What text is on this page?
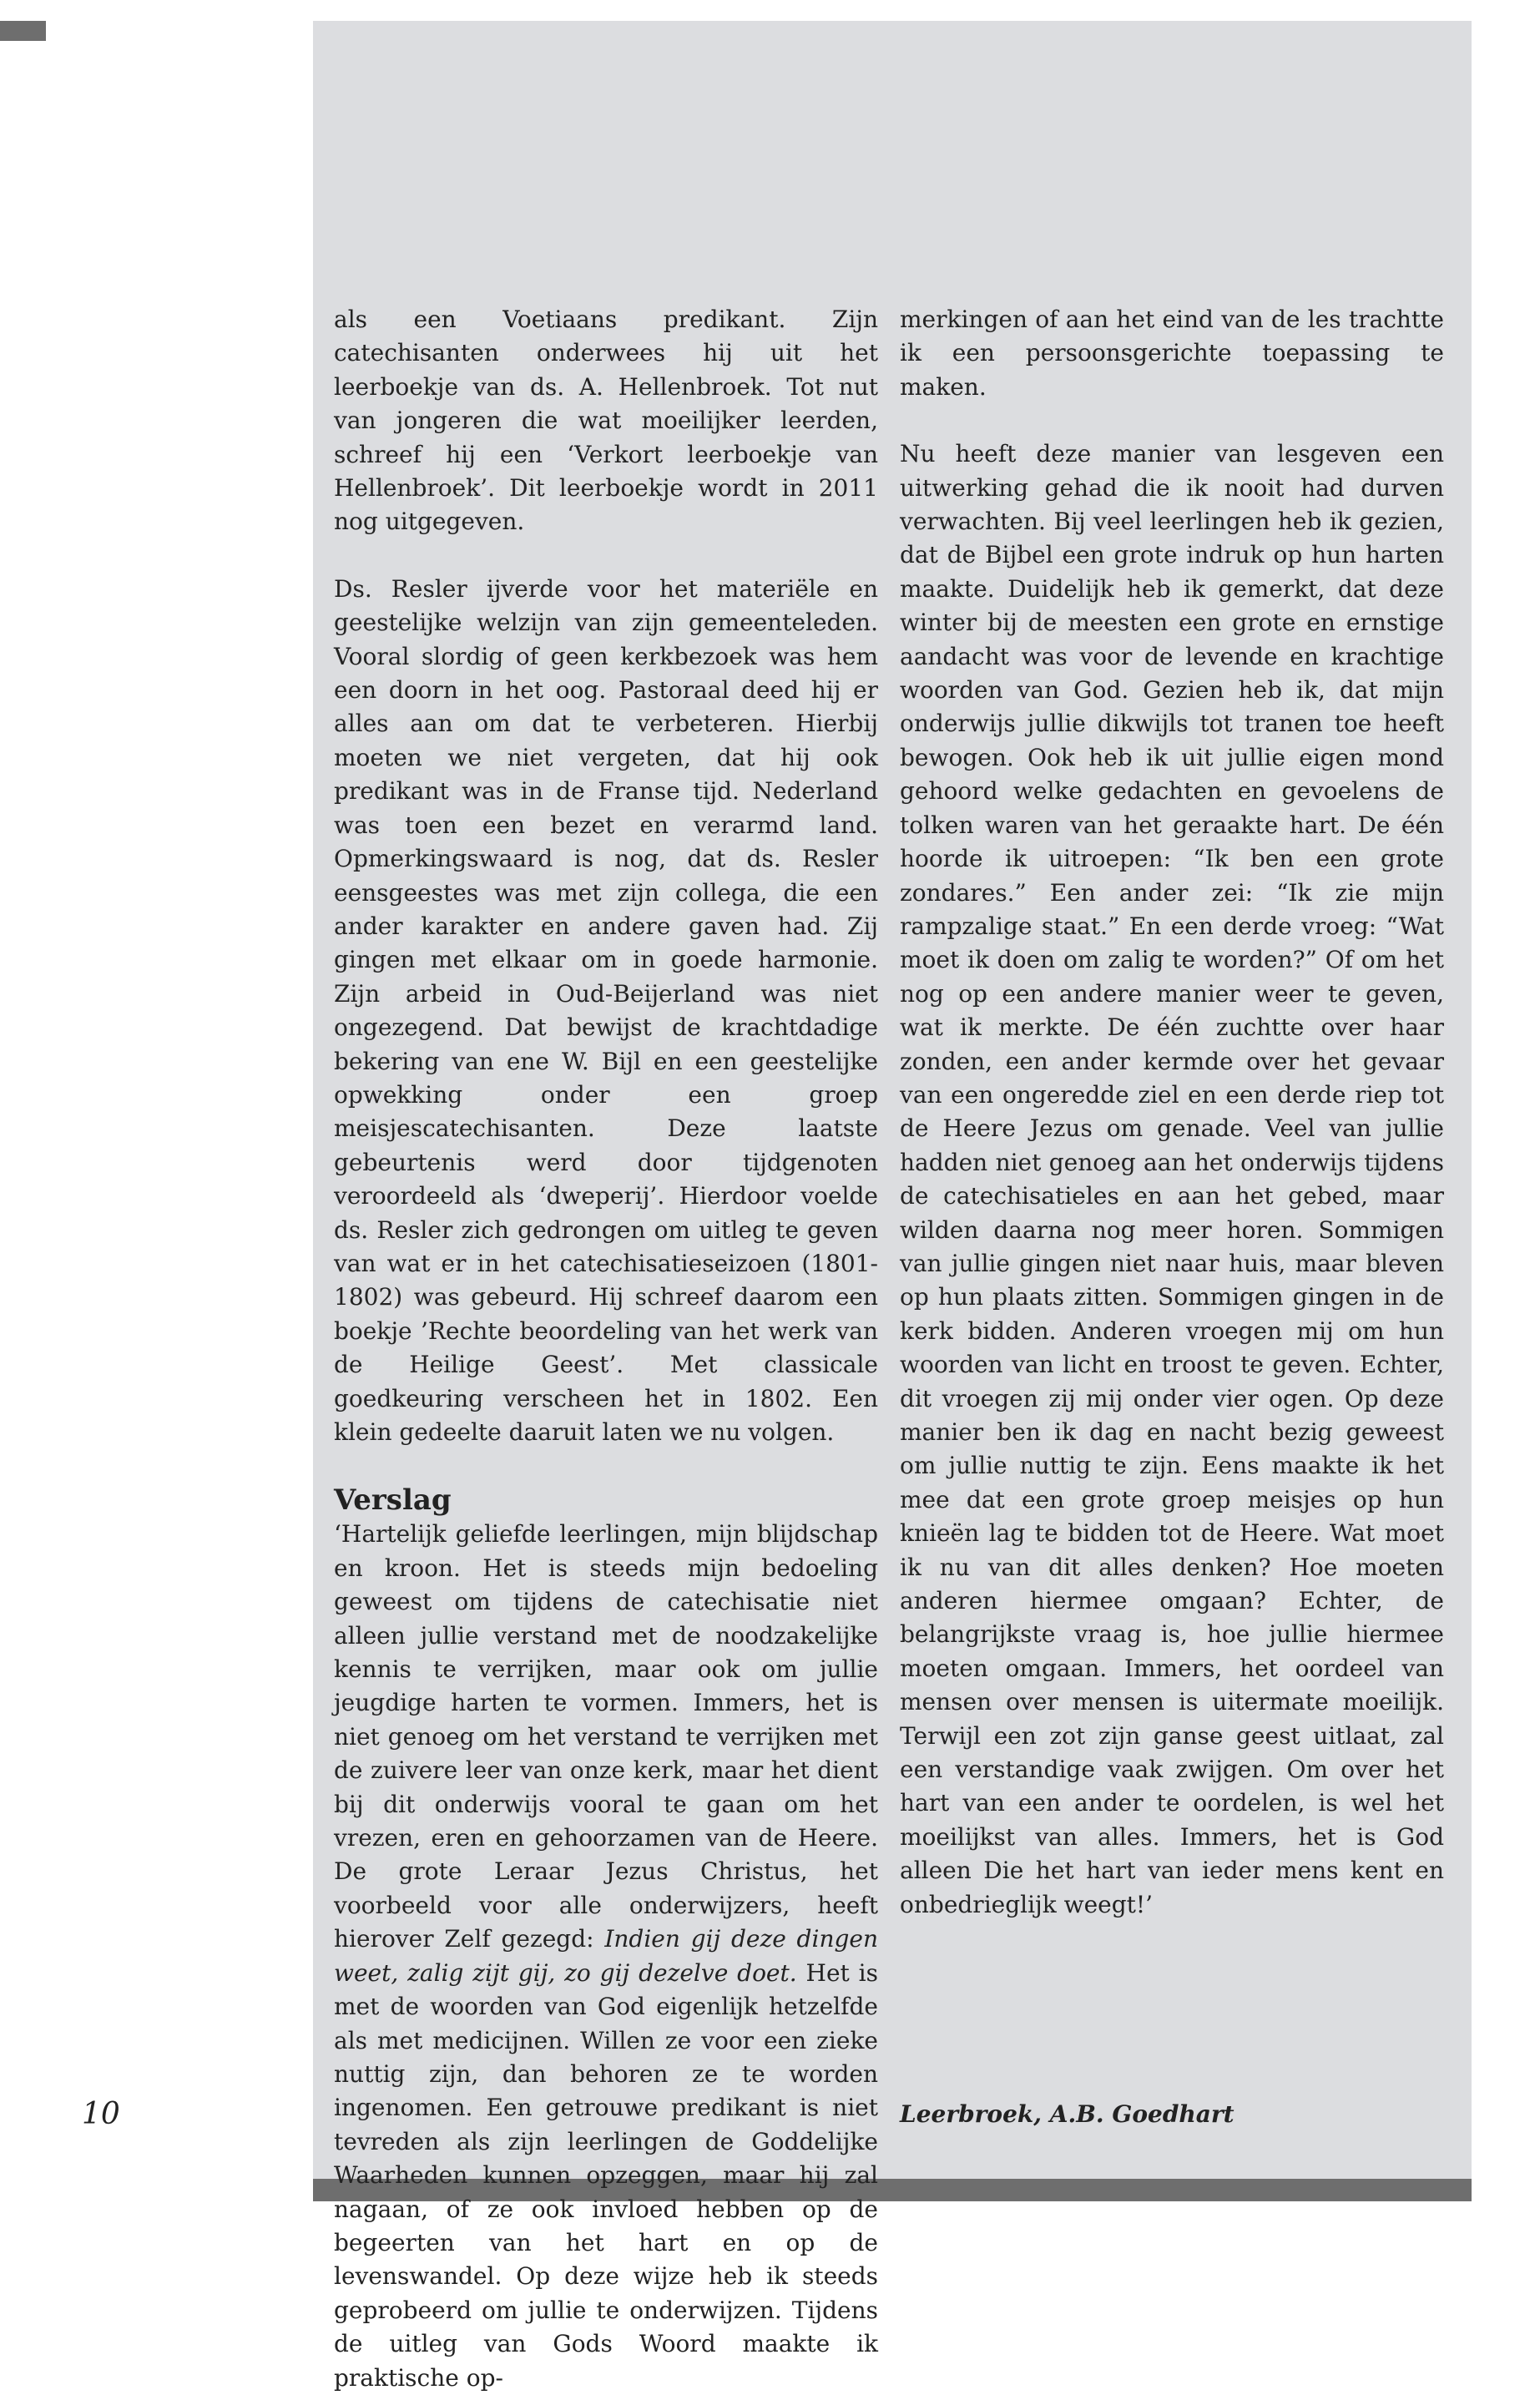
als een Voetiaans predikant. Zijn catechisanten onderwees hij uit het leerboekje van ds. A. Hellenbroek. Tot nut van jongeren die wat moeilijker leerden, schreef hij een ‘Verkort leerboekje van Hellenbroek’. Dit leerboekje wordt in 2011 nog uitgegeven.

Ds. Resler ijverde voor het materiële en geestelijke welzijn van zijn gemeenteleden. Vooral slordig of geen kerkbezoek was hem een doorn in het oog. Pastoraal deed hij er alles aan om dat te verbeteren. Hierbij moeten we niet vergeten, dat hij ook predikant was in de Franse tijd. Nederland was toen een bezet en verarmd land. Opmerkingswaard is nog, dat ds. Resler eensgeestes was met zijn collega, die een ander karakter en andere gaven had. Zij gingen met elkaar om in goede harmonie. Zijn arbeid in Oud-Beijerland was niet ongezegend. Dat bewijst de krachtdadige bekering van ene W. Bijl en een geestelijke opwekking onder een groep meisjescatechisanten. Deze laatste gebeurtenis werd door tijdgenoten veroordeeld als ‘dweperij’. Hierdoor voelde ds. Resler zich gedrongen om uitleg te geven van wat er in het catechisatieseizoen (1801-1802) was gebeurd. Hij schreef daarom een boekje ’Rechte beoordeling van het werk van de Heilige Geest’. Met classicale goedkeuring verscheen het in 1802. Een klein gedeelte daaruit laten we nu volgen.

Verslag

‘Hartelijk geliefde leerlingen, mijn blijdschap en kroon. Het is steeds mijn bedoeling geweest om tijdens de catechisatie niet alleen jullie verstand met de noodzakelijke kennis te verrijken, maar ook om jullie jeugdige harten te vormen. Immers, het is niet genoeg om het verstand te verrijken met de zuivere leer van onze kerk, maar het dient bij dit onderwijs vooral te gaan om het vrezen, eren en gehoorzamen van de Heere. De grote Leraar Jezus Christus, het voorbeeld voor alle onderwijzers, heeft hierover Zelf gezegd: Indien gij deze dingen weet, zalig zijt gij, zo gij dezelve doet. Het is met de woorden van God eigenlijk hetzelfde als met medicijnen. Willen ze voor een zieke nuttig zijn, dan behoren ze te worden ingenomen. Een getrouwe predikant is niet tevreden als zijn leerlingen de Goddelijke Waarheden kunnen opzeggen, maar hij zal nagaan, of ze ook invloed hebben op de begeerten van het hart en op de levenswandel. Op deze wijze heb ik steeds geprobeerd om jullie te onderwijzen. Tijdens de uitleg van Gods Woord maakte ik praktische op-

merkingen of aan het eind van de les trachtte ik een persoonsgerichte toepassing te maken.

Nu heeft deze manier van lesgeven een uitwerking gehad die ik nooit had durven verwachten. Bij veel leerlingen heb ik gezien, dat de Bijbel een grote indruk op hun harten maakte. Duidelijk heb ik gemerkt, dat deze winter bij de meesten een grote en ernstige aandacht was voor de levende en krachtige woorden van God. Gezien heb ik, dat mijn onderwijs jullie dikwijls tot tranen toe heeft bewogen. Ook heb ik uit jullie eigen mond gehoord welke gedachten en gevoelens de tolken waren van het geraakte hart. De één hoorde ik uitroepen: “Ik ben een grote zondares.” Een ander zei: “Ik zie mijn rampzalige staat.” En een derde vroeg: “Wat moet ik doen om zalig te worden?” Of om het nog op een andere manier weer te geven, wat ik merkte. De één zuchtte over haar zonden, een ander kermde over het gevaar van een ongeredde ziel en een derde riep tot de Heere Jezus om genade. Veel van jullie hadden niet genoeg aan het onderwijs tijdens de catechisatieles en aan het gebed, maar wilden daarna nog meer horen. Sommigen van jullie gingen niet naar huis, maar bleven op hun plaats zitten. Sommigen gingen in de kerk bidden. Anderen vroegen mij om hun woorden van licht en troost te geven. Echter, dit vroegen zij mij onder vier ogen. Op deze manier ben ik dag en nacht bezig geweest om jullie nuttig te zijn. Eens maakte ik het mee dat een grote groep meisjes op hun knieën lag te bidden tot de Heere. Wat moet ik nu van dit alles denken? Hoe moeten anderen hiermee omgaan? Echter, de belangrijkste vraag is, hoe jullie hiermee moeten omgaan. Immers, het oordeel van mensen over mensen is uitermate moeilijk. Terwijl een zot zijn ganse geest uitlaat, zal een verstandige vaak zwijgen. Om over het hart van een ander te oordelen, is wel het moeilijkst van alles. Immers, het is God alleen Die het hart van ieder mens kent en onbedrieglijk weegt!’

Leerbroek, A.B. Goedhart
10
